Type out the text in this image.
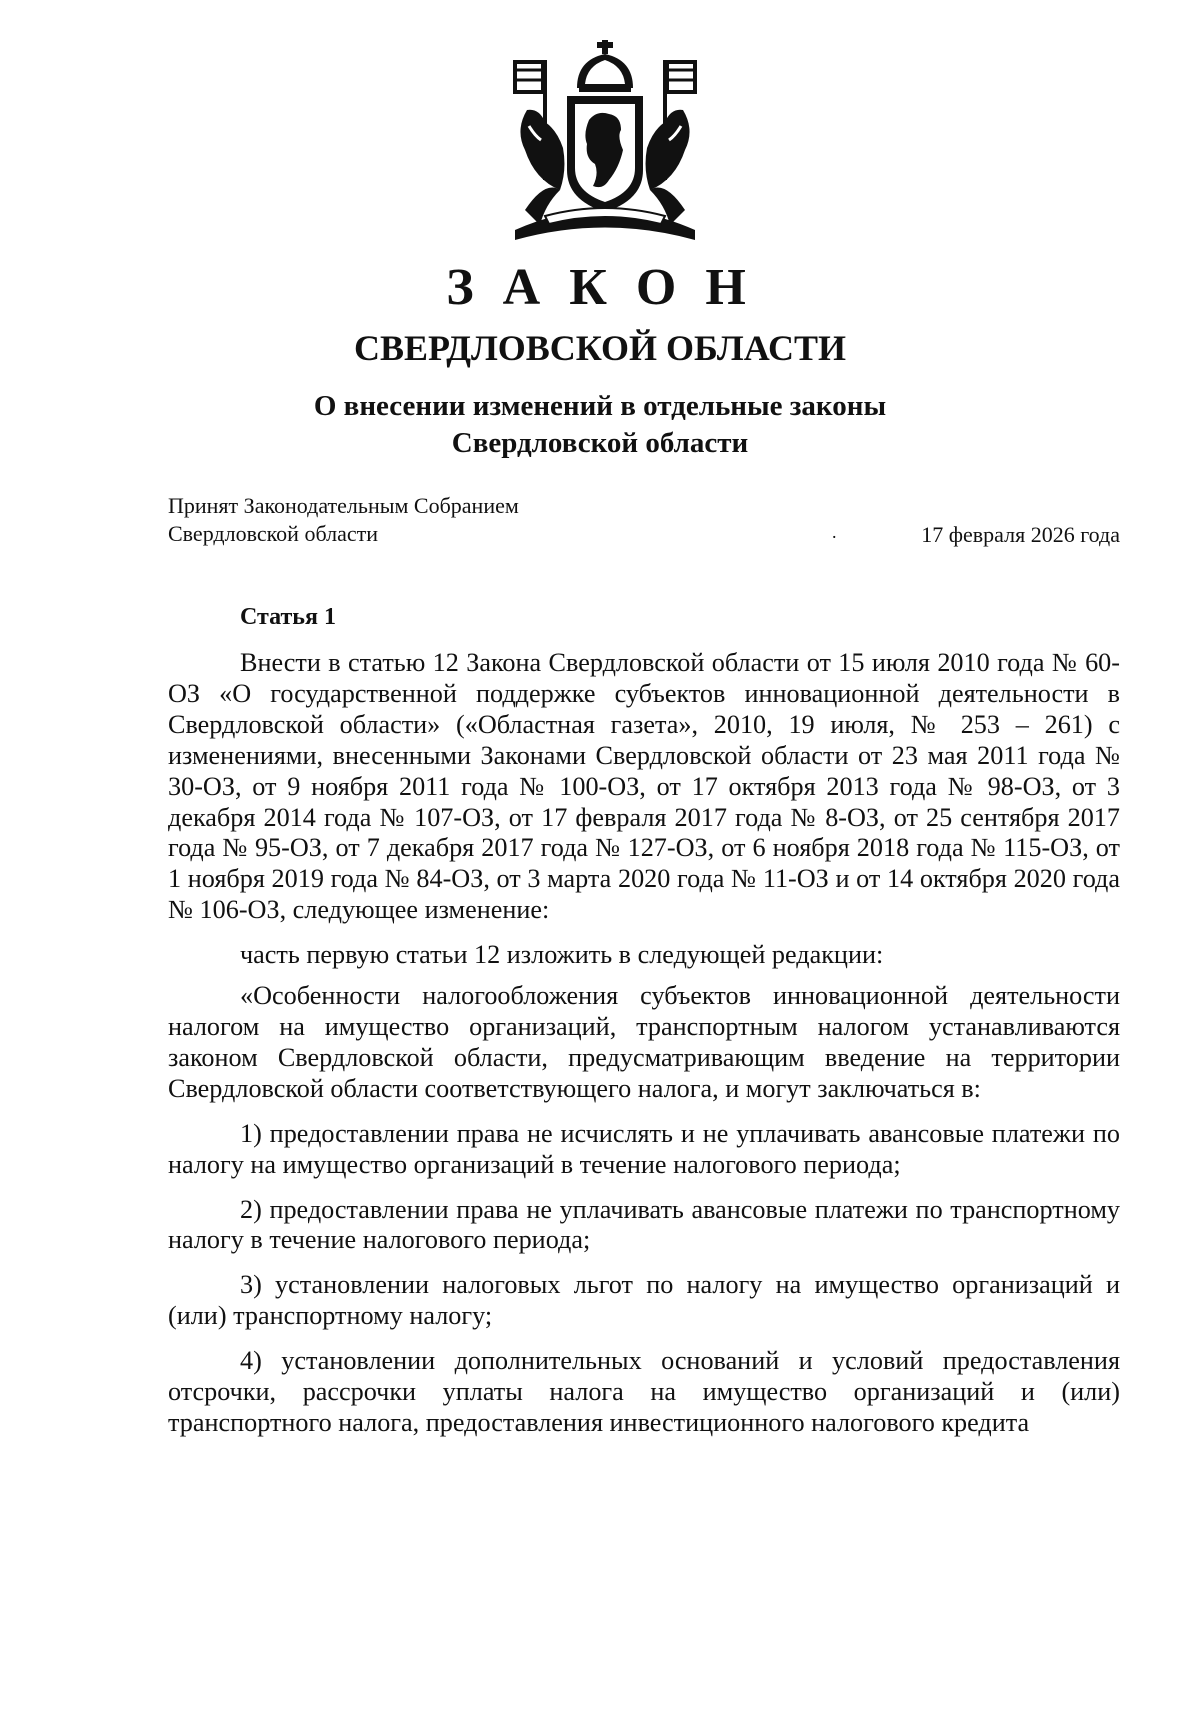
З А К О Н
СВЕРДЛОВСКОЙ ОБЛАСТИ
О внесении изменений в отдельные законы
Свердловской области
Принят Законодательным Собранием
Свердловской области	.	17 февраля 2026 года
Статья 1

Внести в статью 12 Закона Свердловской области от 15 июля 2010 года № 60-ОЗ «О государственной поддержке субъектов инновационной деятельности в Свердловской области» («Областная газета», 2010, 19 июля, № 253 – 261) с изменениями, внесенными Законами Свердловской области от 23 мая 2011 года № 30-ОЗ, от 9 ноября 2011 года № 100-ОЗ, от 17 октября 2013 года № 98-ОЗ, от 3 декабря 2014 года № 107-ОЗ, от 17 февраля 2017 года № 8-ОЗ, от 25 сентября 2017 года № 95-ОЗ, от 7 декабря 2017 года № 127-ОЗ, от 6 ноября 2018 года № 115-ОЗ, от 1 ноября 2019 года № 84-ОЗ, от 3 марта 2020 года № 11-ОЗ и от 14 октября 2020 года № 106-ОЗ, следующее изменение:

часть первую статьи 12 изложить в следующей редакции:

«Особенности налогообложения субъектов инновационной деятельности налогом на имущество организаций, транспортным налогом устанавливаются законом Свердловской области, предусматривающим введение на территории Свердловской области соответствующего налога, и могут заключаться в:

1) предоставлении права не исчислять и не уплачивать авансовые платежи по налогу на имущество организаций в течение налогового периода;

2) предоставлении права не уплачивать авансовые платежи по транспортному налогу в течение налогового периода;

3) установлении налоговых льгот по налогу на имущество организаций и (или) транспортному налогу;

4) установлении дополнительных оснований и условий предоставления отсрочки, рассрочки уплаты налога на имущество организаций и (или) транспортного налога, предоставления инвестиционного налогового кредита
